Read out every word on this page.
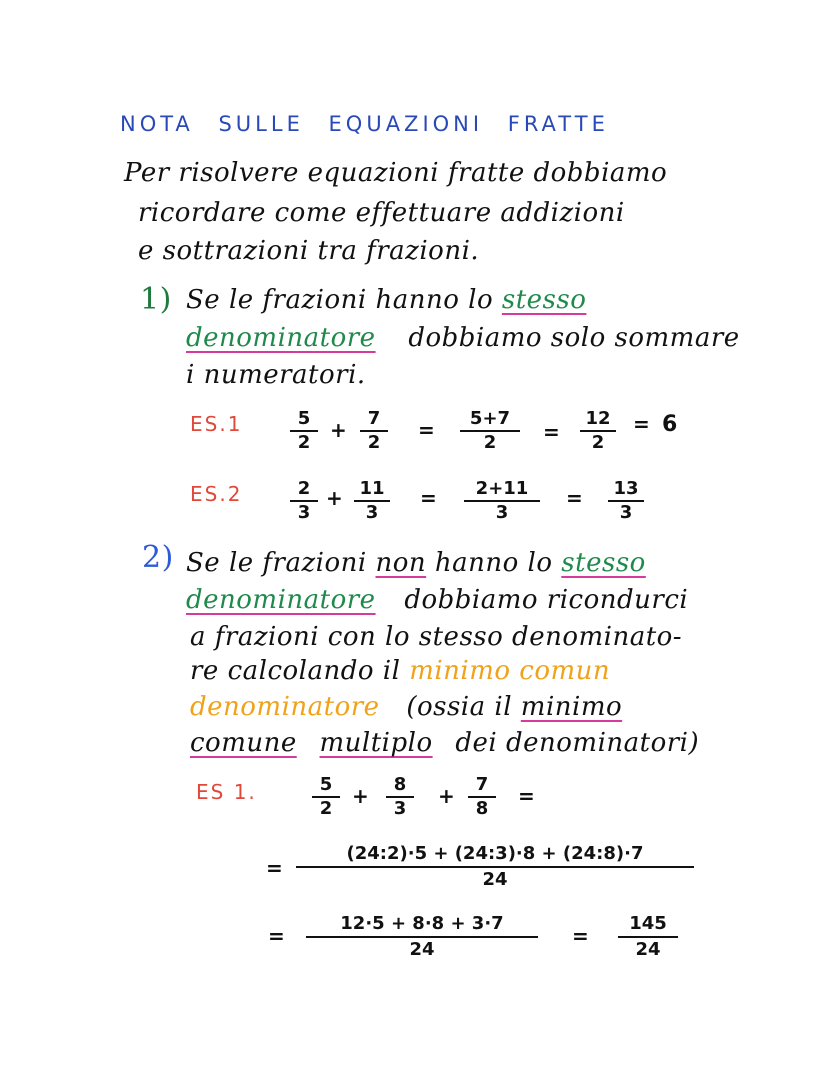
NOTA SULLE EQUAZIONI FRATTE
Per risolvere equazioni fratte dobbiamo
ricordare come effettuare addizioni
e sottrazioni tra frazioni.
1) Se le frazioni hanno lo stesso
denominatore dobbiamo solo sommare
i numeratori.
ES.1	$\frac{5}{2} + \frac{7}{2} = \frac{5+7}{2} = \frac{12}{2} = 6$
ES.2	$\frac{2}{3} + \frac{11}{3} = \frac{2+11}{3} = \frac{13}{3}$
2) Se le frazioni non hanno lo stesso
denominatore dobbiamo ricondurci
a frazioni con lo stesso denominato-
re calcolando il minimo comun
denominatore (ossia il minimo
comune multiplo dei denominatori)
ES 1.	$\frac{5}{2} + \frac{8}{3} + \frac{7}{8}$ =
=
(24:2)·5 + (24:3)·8 + (24:8)·7
24
=
12·5 + 8·8 + 3·7
24
=
145
24
